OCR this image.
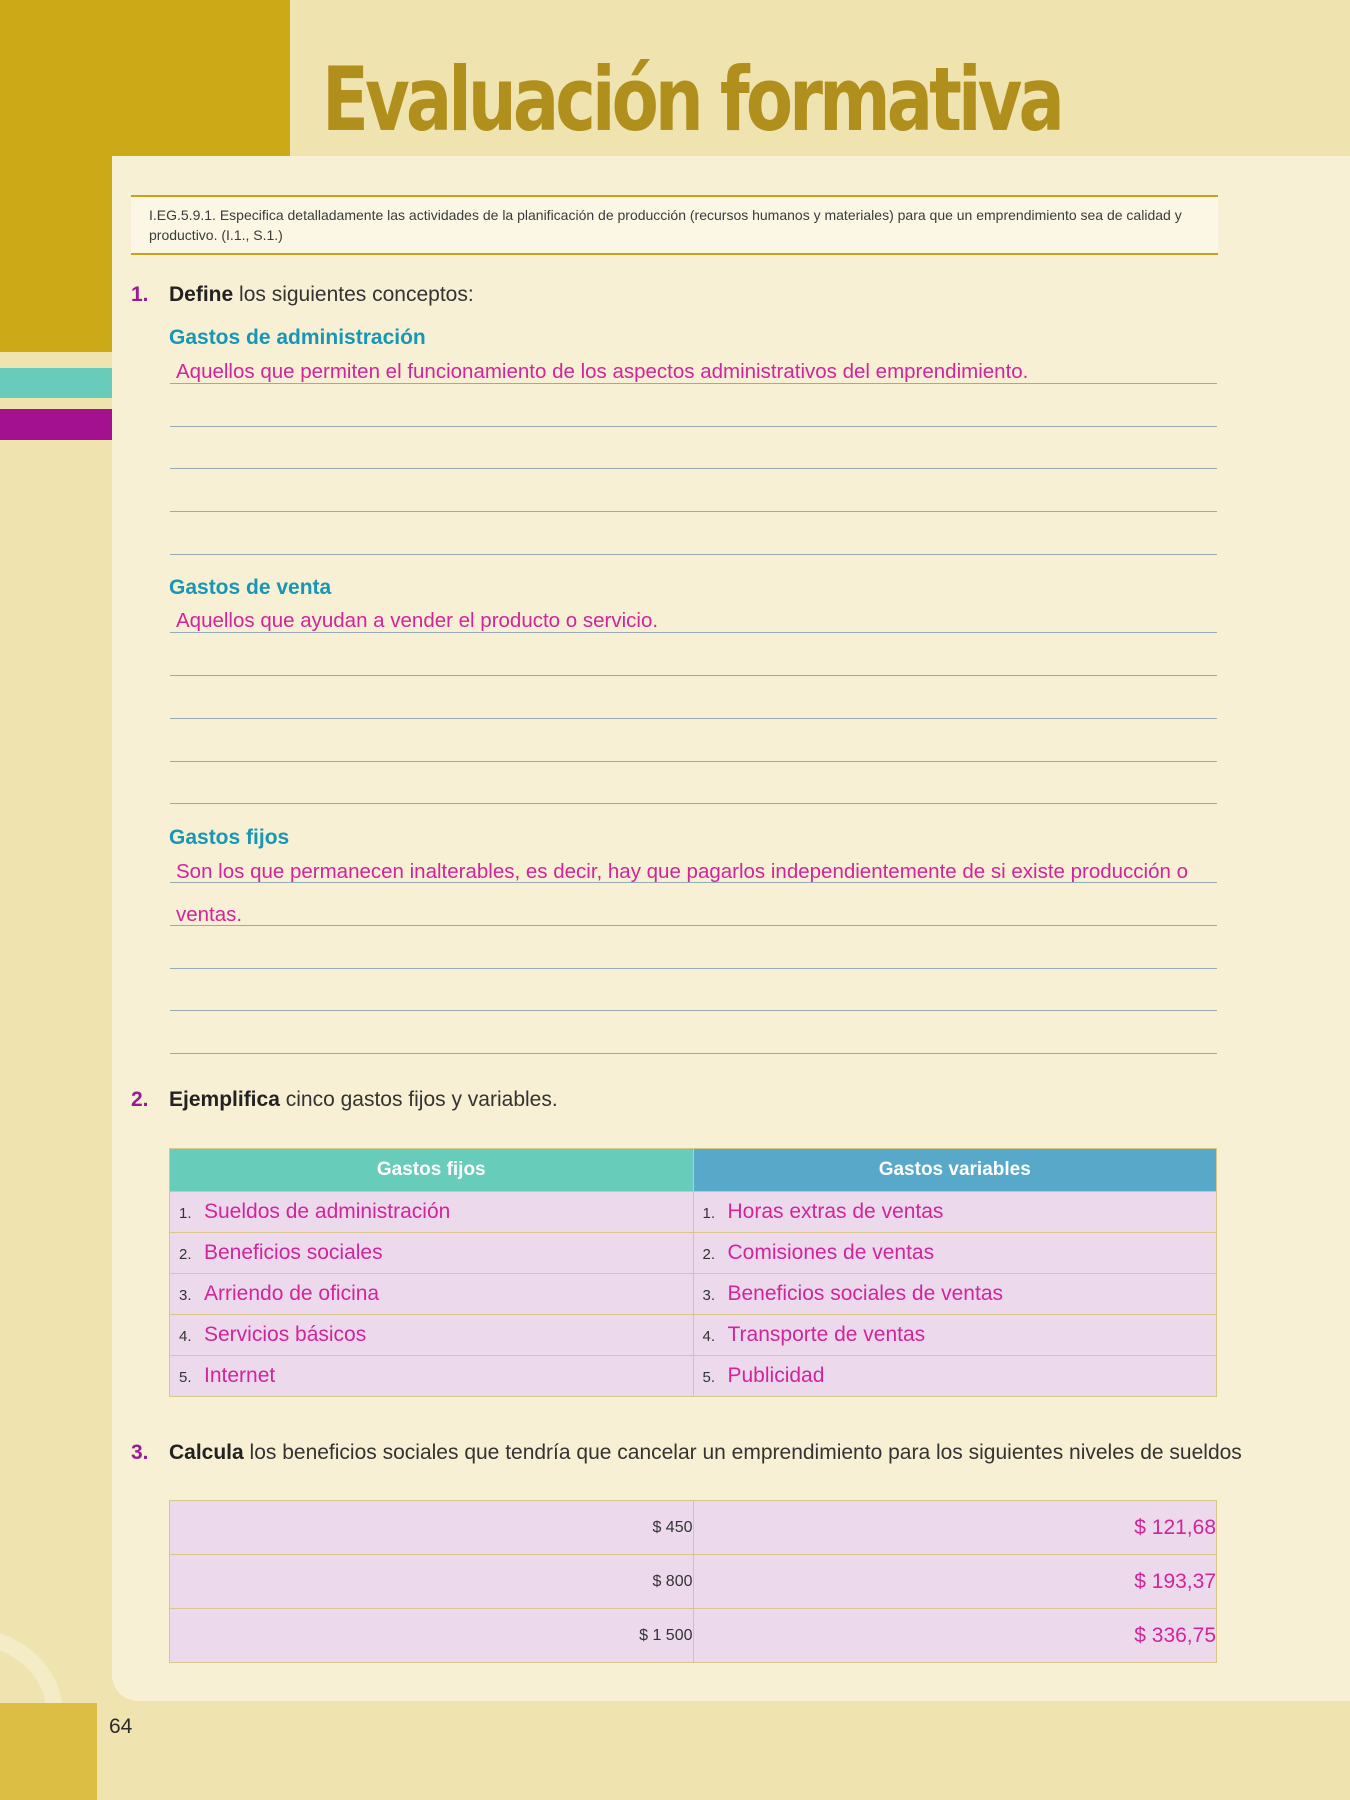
Evaluación formativa
64
I.EG.5.9.1. Especifica detalladamente las actividades de la planificación de producción (recursos humanos y materiales) para que un emprendimiento sea de calidad y productivo. (I.1., S.1.)
1. Define los siguientes conceptos:
Gastos de administración
Aquellos que permiten el funcionamiento de los aspectos administrativos del emprendimiento.
Gastos de venta
Aquellos que ayudan a vender el producto o servicio.
Gastos fijos
Son los que permanecen inalterables, es decir, hay que pagarlos independientemente de si existe producción o
ventas.
2. Ejemplifica cinco gastos fijos y variables.
Gastos fijos	Gastos variables
1. Sueldos de administración	1. Horas extras de ventas
2. Beneficios sociales	2. Comisiones de ventas
3. Arriendo de oficina	3. Beneficios sociales de ventas
4. Servicios básicos	4. Transporte de ventas
5. Internet	5. Publicidad
3. Calcula los beneficios sociales que tendría que cancelar un emprendimiento para los siguientes niveles de sueldos
$ 450	$ 121,68
$ 800	$ 193,37
$ 1 500	$ 336,75
